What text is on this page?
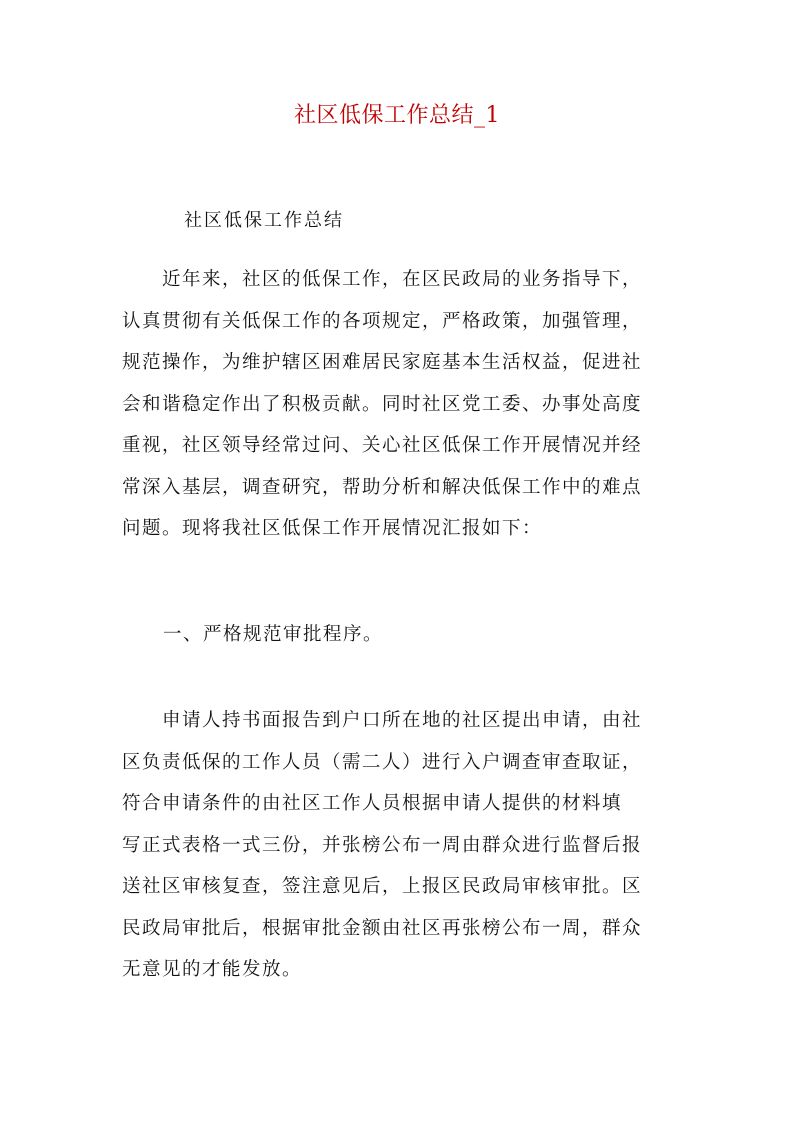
社区低保工作总结_1
社区低保工作总结
　　近年来，社区的低保工作，在区民政局的业务指导下，
认真贯彻有关低保工作的各项规定，严格政策，加强管理，
规范操作，为维护辖区困难居民家庭基本生活权益，促进社
会和谐稳定作出了积极贡献。同时社区党工委、办事处高度
重视，社区领导经常过问、关心社区低保工作开展情况并经
常深入基层，调查研究，帮助分析和解决低保工作中的难点
问题。现将我社区低保工作开展情况汇报如下：
一、严格规范审批程序。
　　申请人持书面报告到户口所在地的社区提出申请，由社
区负责低保的工作人员（需二人）进行入户调查审查取证，
符合申请条件的由社区工作人员根据申请人提供的材料填
写正式表格一式三份，并张榜公布一周由群众进行监督后报
送社区审核复查，签注意见后，上报区民政局审核审批。区
民政局审批后，根据审批金额由社区再张榜公布一周，群众
无意见的才能发放。
